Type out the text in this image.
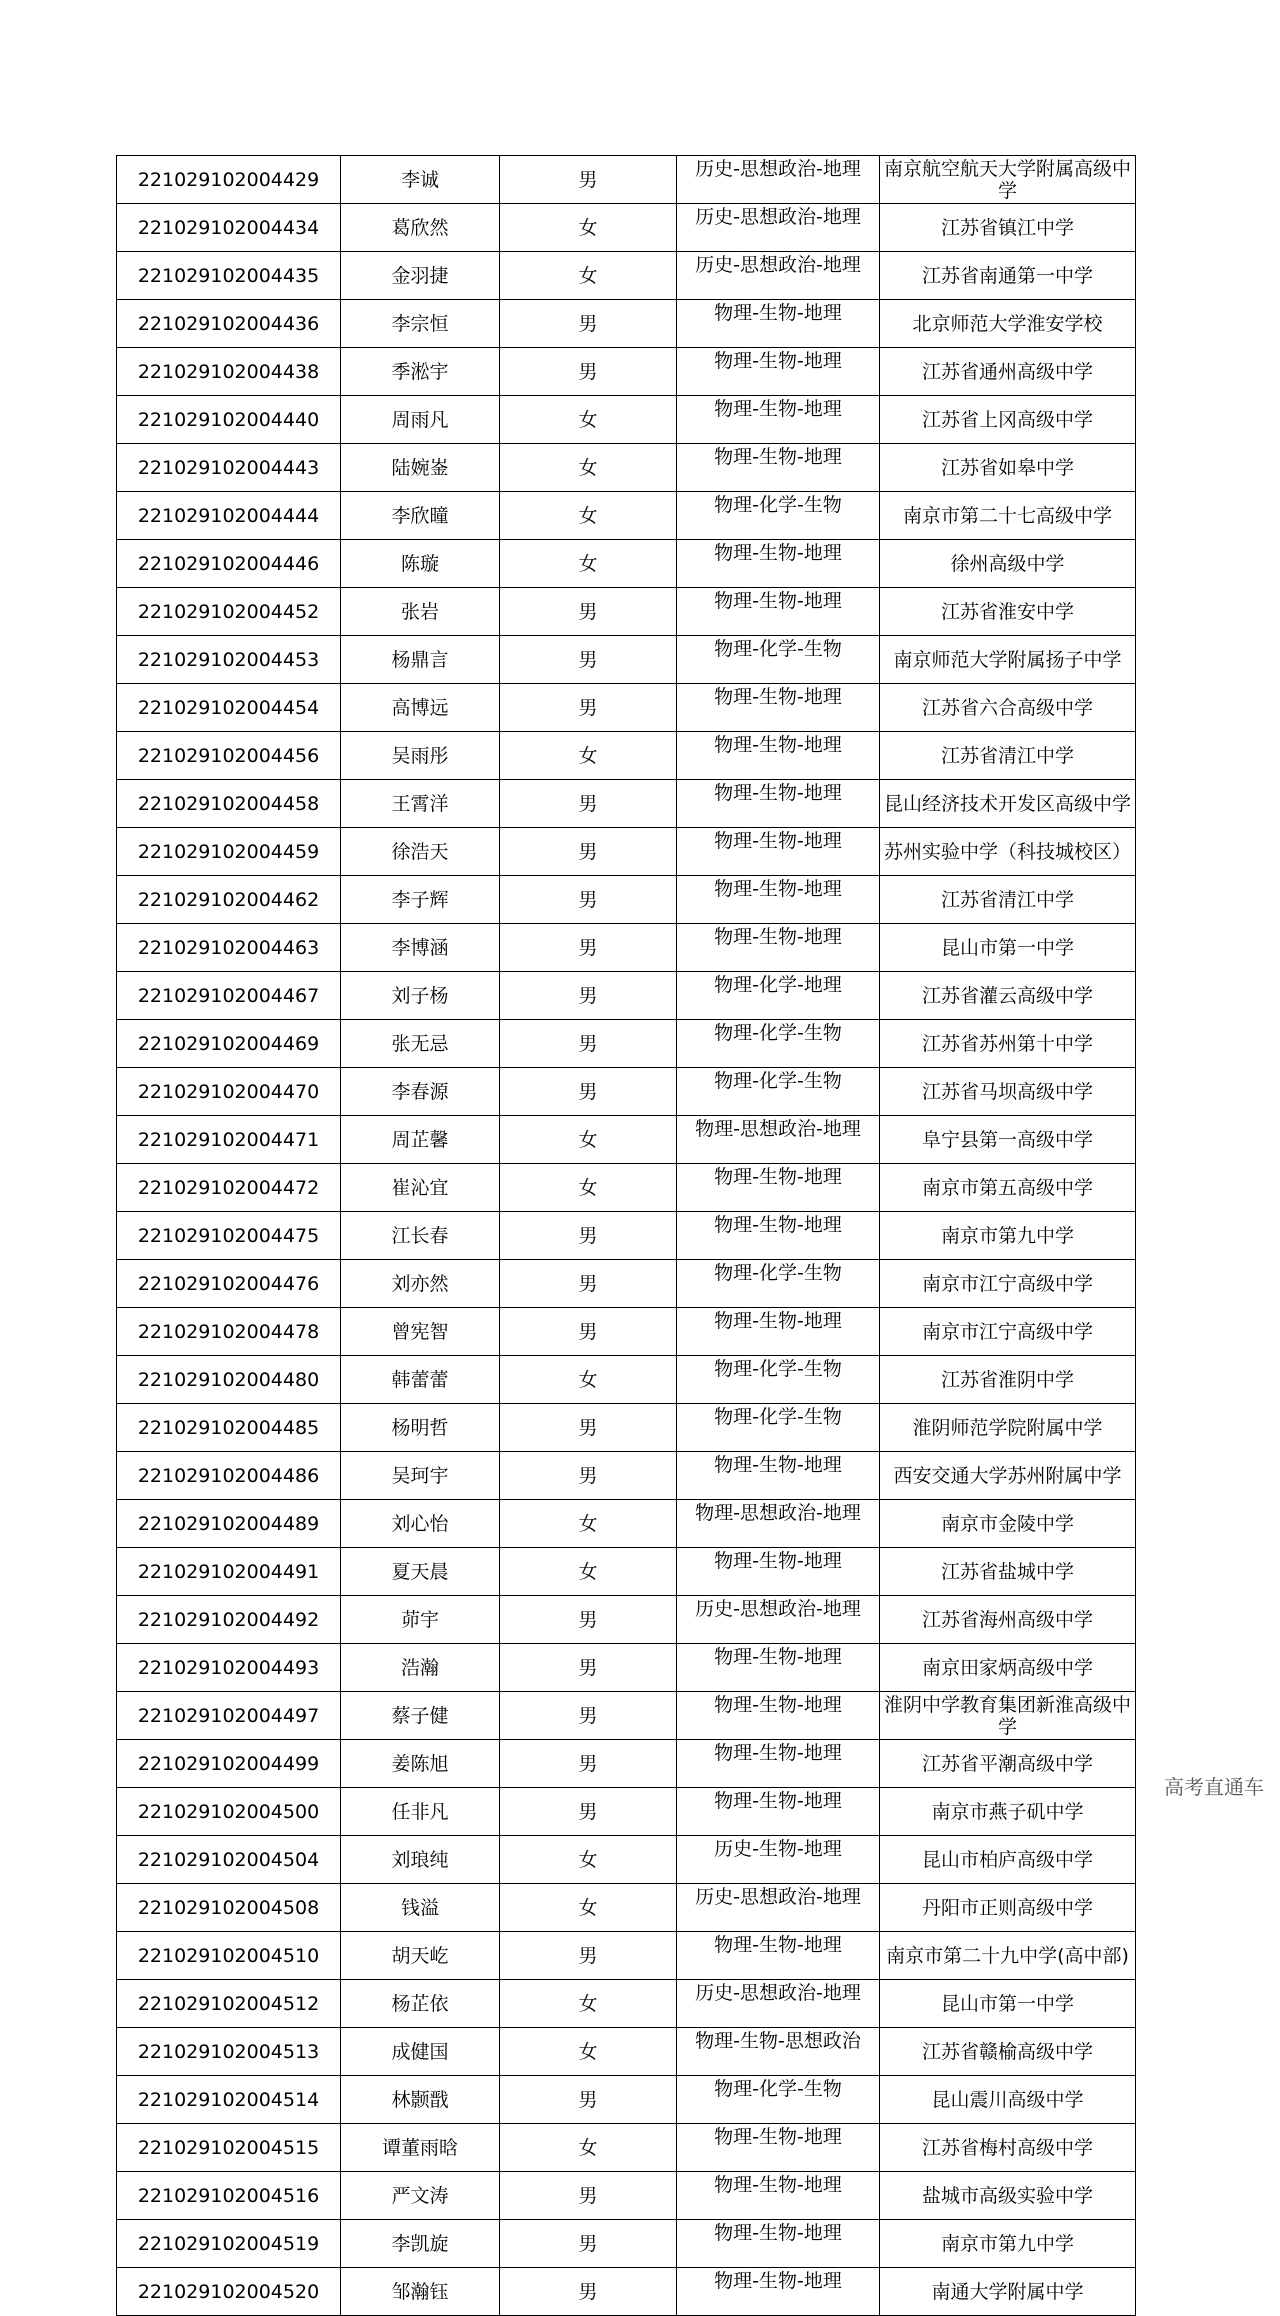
221029102004429	李诚	男	历史-思想政治-地理	南京航空航天大学附属高级中学
221029102004434	葛欣然	女	历史-思想政治-地理	江苏省镇江中学
221029102004435	金羽捷	女	历史-思想政治-地理	江苏省南通第一中学
221029102004436	李宗恒	男	物理-生物-地理	北京师范大学淮安学校
221029102004438	季淞宇	男	物理-生物-地理	江苏省通州高级中学
221029102004440	周雨凡	女	物理-生物-地理	江苏省上冈高级中学
221029102004443	陆婉崟	女	物理-生物-地理	江苏省如皋中学
221029102004444	李欣曈	女	物理-化学-生物	南京市第二十七高级中学
221029102004446	陈璇	女	物理-生物-地理	徐州高级中学
221029102004452	张岩	男	物理-生物-地理	江苏省淮安中学
221029102004453	杨鼎言	男	物理-化学-生物	南京师范大学附属扬子中学
221029102004454	高博远	男	物理-生物-地理	江苏省六合高级中学
221029102004456	吴雨彤	女	物理-生物-地理	江苏省清江中学
221029102004458	王霄洋	男	物理-生物-地理	昆山经济技术开发区高级中学
221029102004459	徐浩天	男	物理-生物-地理	苏州实验中学（科技城校区）
221029102004462	李子辉	男	物理-生物-地理	江苏省清江中学
221029102004463	李博涵	男	物理-生物-地理	昆山市第一中学
221029102004467	刘子杨	男	物理-化学-地理	江苏省灌云高级中学
221029102004469	张无忌	男	物理-化学-生物	江苏省苏州第十中学
221029102004470	李春源	男	物理-化学-生物	江苏省马坝高级中学
221029102004471	周芷馨	女	物理-思想政治-地理	阜宁县第一高级中学
221029102004472	崔沁宜	女	物理-生物-地理	南京市第五高级中学
221029102004475	江长春	男	物理-生物-地理	南京市第九中学
221029102004476	刘亦然	男	物理-化学-生物	南京市江宁高级中学
221029102004478	曾宪智	男	物理-生物-地理	南京市江宁高级中学
221029102004480	韩蕾蕾	女	物理-化学-生物	江苏省淮阴中学
221029102004485	杨明哲	男	物理-化学-生物	淮阴师范学院附属中学
221029102004486	吴珂宇	男	物理-生物-地理	西安交通大学苏州附属中学
221029102004489	刘心怡	女	物理-思想政治-地理	南京市金陵中学
221029102004491	夏天晨	女	物理-生物-地理	江苏省盐城中学
221029102004492	茆宇	男	历史-思想政治-地理	江苏省海州高级中学
221029102004493	浩瀚	男	物理-生物-地理	南京田家炳高级中学
221029102004497	蔡子健	男	物理-生物-地理	淮阴中学教育集团新淮高级中学
221029102004499	姜陈旭	男	物理-生物-地理	江苏省平潮高级中学
221029102004500	任非凡	男	物理-生物-地理	南京市燕子矶中学
221029102004504	刘琅纯	女	历史-生物-地理	昆山市柏庐高级中学
221029102004508	钱溢	女	历史-思想政治-地理	丹阳市正则高级中学
221029102004510	胡天屹	男	物理-生物-地理	南京市第二十九中学(高中部)
221029102004512	杨芷依	女	历史-思想政治-地理	昆山市第一中学
221029102004513	成健国	女	物理-生物-思想政治	江苏省赣榆高级中学
221029102004514	林颢戬	男	物理-化学-生物	昆山震川高级中学
221029102004515	谭董雨晗	女	物理-生物-地理	江苏省梅村高级中学
221029102004516	严文涛	男	物理-生物-地理	盐城市高级实验中学
221029102004519	李凯旋	男	物理-生物-地理	南京市第九中学
221029102004520	邹瀚钰	男	物理-生物-地理	南通大学附属中学
高考直通车
